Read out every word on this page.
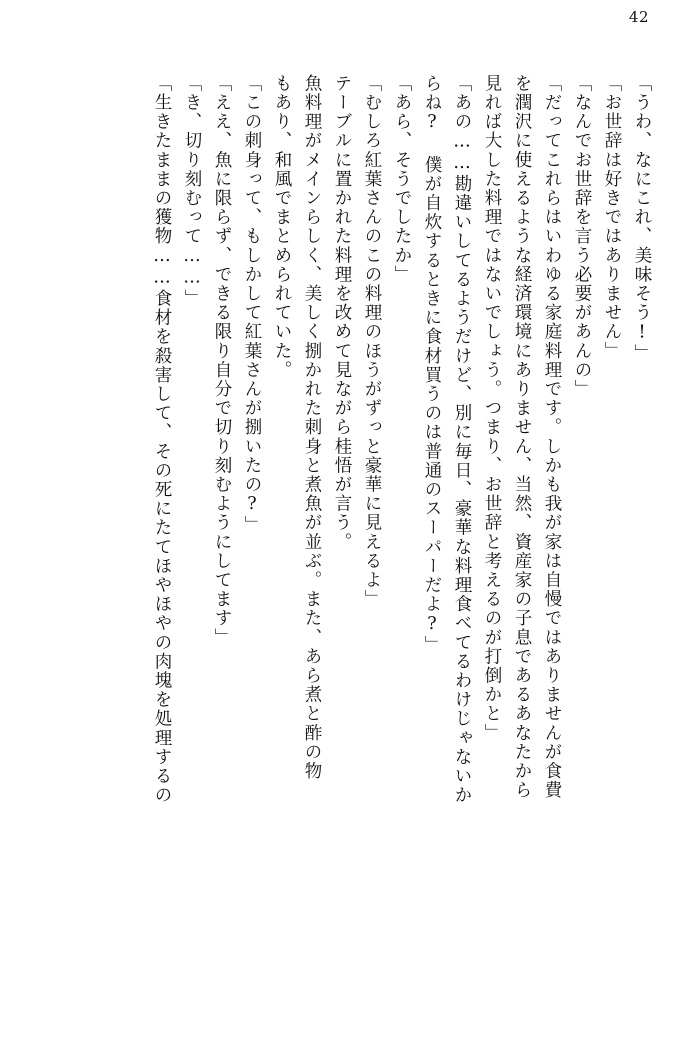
42
「うわ、なにこれ、美味そう!」
「お世辞は好きではありません」
「なんでお世辞を言う必要があんの」
「だってこれらはいわゆる家庭料理です。しかも我が家は自慢ではありませんが食費
を潤沢に使えるような経済環境にありません、当然、資産家の子息であるあなたから
見れば大した料理ではないでしょう。つまり、お世辞と考えるのが打倒かと」
「あの……勘違いしてるようだけど、別に毎日、豪華な料理食べてるわけじゃないか
らね? 僕が自炊するときに食材買うのは普通のスーパーだよ?」
「あら、そうでしたか」
「むしろ紅葉さんのこの料理のほうがずっと豪華に見えるよ」
テーブルに置かれた料理を改めて見ながら桂悟が言う。
魚料理がメインらしく、美しく捌かれた刺身と煮魚が並ぶ。また、あら煮と酢の物
もあり、和風でまとめられていた。
「この刺身って、もしかして紅葉さんが捌いたの?」
「ええ、魚に限らず、できる限り自分で切り刻むようにしてます」
「き、切り刻むって……」
「生きたままの獲物……食材を殺害して、その死にたてほやほやの肉塊を処理するの
